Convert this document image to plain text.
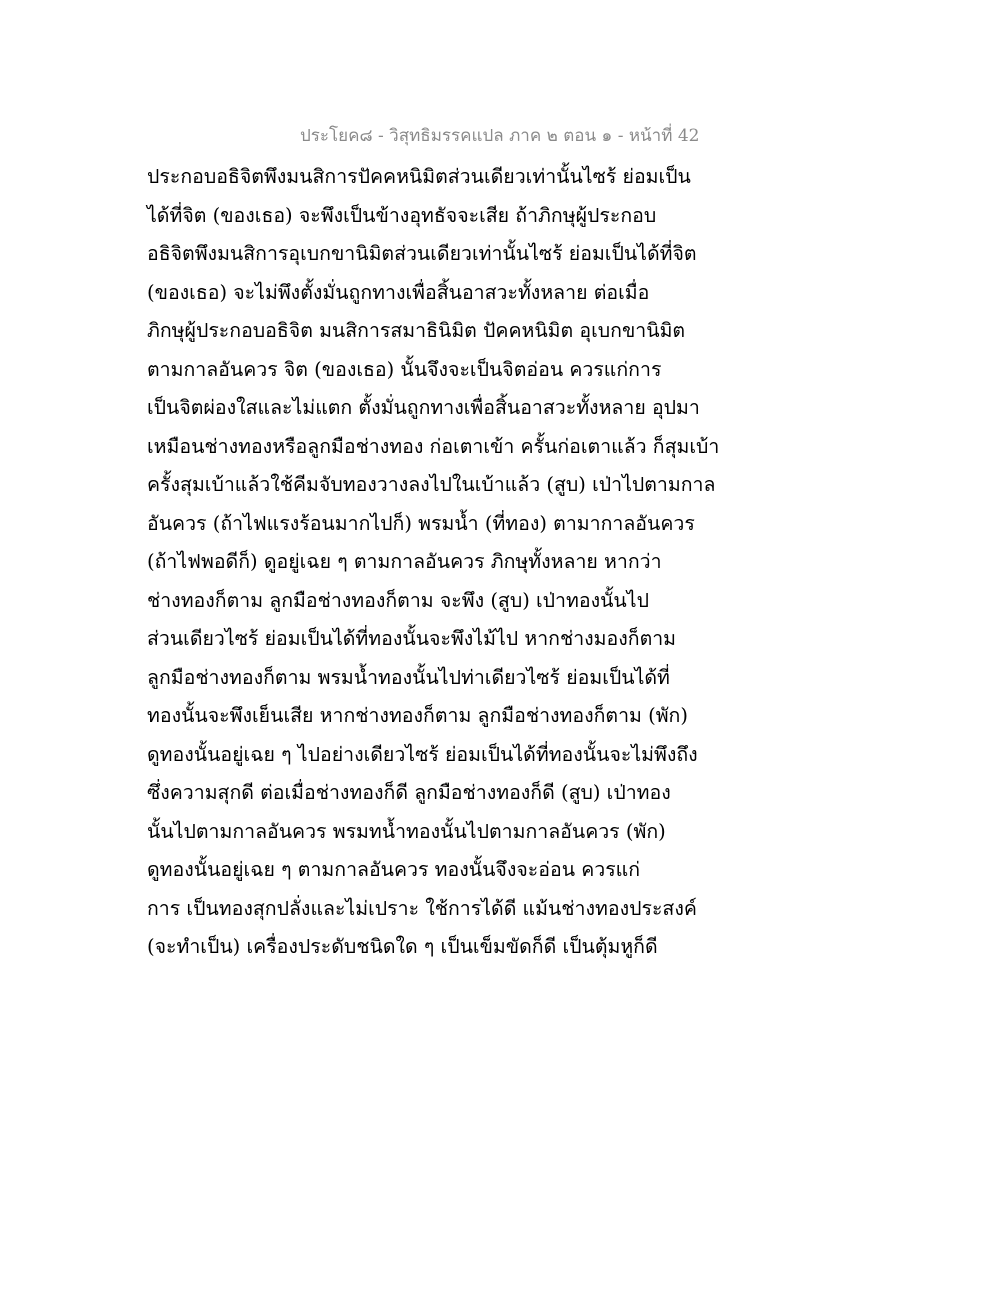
ประโยค๘ - วิสุทธิมรรคแปล ภาค ๒ ตอน ๑ - หน้าที่ 42
ประกอบอธิจิตพึงมนสิการปัคคหนิมิตส่วนเดียวเท่านั้นไซร้ ย่อมเป็น
ได้ที่จิต (ของเธอ) จะพึงเป็นข้างอุทธัจจะเสีย ถ้าภิกษุผู้ประกอบ
อธิจิตพึงมนสิการอุเบกขานิมิตส่วนเดียวเท่านั้นไซร้ ย่อมเป็นได้ที่จิต
(ของเธอ) จะไม่พึงตั้งมั่นถูกทางเพื่อสิ้นอาสวะทั้งหลาย ต่อเมื่อ
ภิกษุผู้ประกอบอธิจิต มนสิการสมาธินิมิต ปัคคหนิมิต อุเบกขานิมิต
ตามกาลอันควร จิต (ของเธอ) นั้นจึงจะเป็นจิตอ่อน ควรแก่การ
เป็นจิตผ่องใสและไม่แตก ตั้งมั่นถูกทางเพื่อสิ้นอาสวะทั้งหลาย อุปมา
เหมือนช่างทองหรือลูกมือช่างทอง ก่อเตาเข้า ครั้นก่อเตาแล้ว ก็สุมเบ้า
ครั้งสุมเบ้าแล้วใช้คีมจับทองวางลงไปในเบ้าแล้ว (สูบ) เป่าไปตามกาล
อันควร (ถ้าไฟแรงร้อนมากไปก็) พรมน้ำ (ที่ทอง) ตามากาลอันควร
(ถ้าไฟพอดีก็) ดูอยู่เฉย ๆ ตามกาลอันควร ภิกษุทั้งหลาย หากว่า
ช่างทองก็ตาม ลูกมือช่างทองก็ตาม จะพึง (สูบ) เป่าทองนั้นไป
ส่วนเดียวไซร้ ย่อมเป็นได้ที่ทองนั้นจะพึงไม้ไป หากช่างมองก็ตาม
ลูกมือช่างทองก็ตาม พรมน้ำทองนั้นไปท่าเดียวไซร้ ย่อมเป็นได้ที่
ทองนั้นจะพึงเย็นเสีย หากช่างทองก็ตาม ลูกมือช่างทองก็ตาม (พัก)
ดูทองนั้นอยู่เฉย ๆ ไปอย่างเดียวไซร้ ย่อมเป็นได้ที่ทองนั้นจะไม่พึงถึง
ซึ่งความสุกดี ต่อเมื่อช่างทองก็ดี ลูกมือช่างทองก็ดี (สูบ) เป่าทอง
นั้นไปตามกาลอันควร พรมทน้ำทองนั้นไปตามกาลอันควร (พัก)
ดูทองนั้นอยู่เฉย ๆ ตามกาลอันควร ทองนั้นจึงจะอ่อน ควรแก่
การ เป็นทองสุกปลั่งและไม่เปราะ ใช้การได้ดี แม้นช่างทองประสงค์
(จะทำเป็น) เครื่องประดับชนิดใด ๆ เป็นเข็มขัดก็ดี เป็นตุ้มหูก็ดี
